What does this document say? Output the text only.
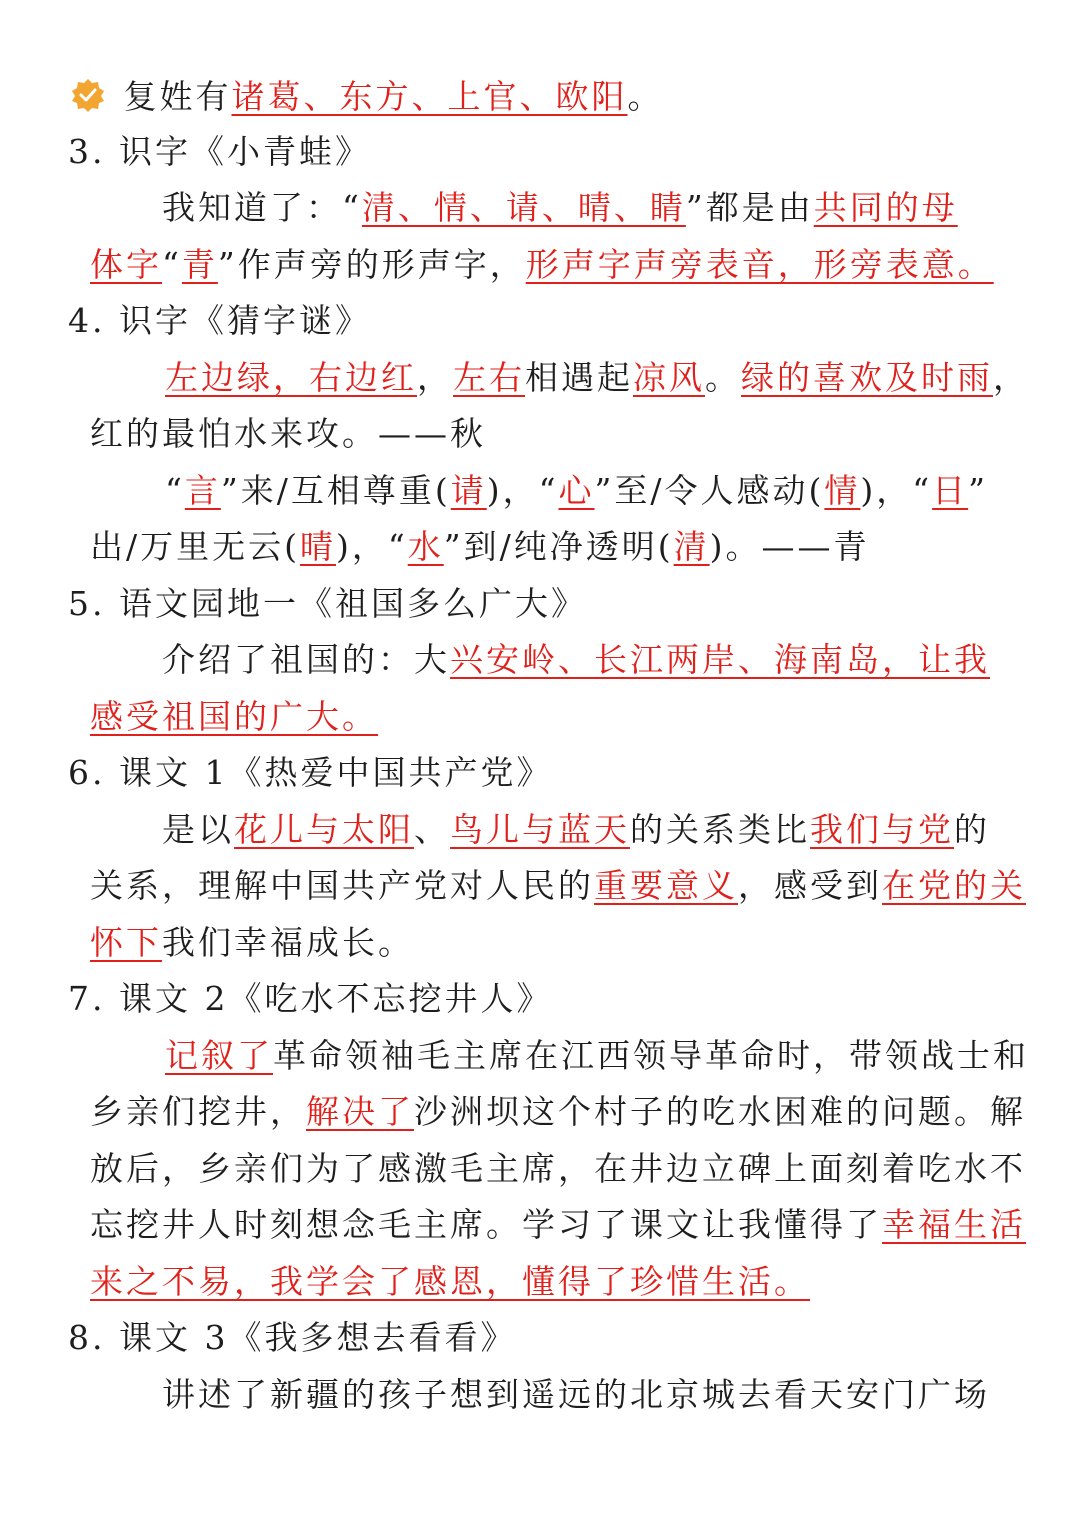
复姓有诸葛、东方、上官、欧阳。
3. 识字《小青蛙》
我知道了：“清、情、请、晴、睛”都是由共同的母
体字“青”作声旁的形声字，形声字声旁表音，形旁表意。
4. 识字《猜字谜》
左边绿，右边红，左右相遇起凉风。绿的喜欢及时雨，
红的最怕水来攻。——秋
“言”来/互相尊重(请)，“心”至/令人感动(情)，“日”
出/万里无云(晴)，“水”到/纯净透明(清)。——青
5. 语文园地一《祖国多么广大》
介绍了祖国的：大兴安岭、长江两岸、海南岛，让我
感受祖国的广大。
6. 课文 1《热爱中国共产党》
是以花儿与太阳、鸟儿与蓝天的关系类比我们与党的
关系，理解中国共产党对人民的重要意义，感受到在党的关
怀下我们幸福成长。
7. 课文 2《吃水不忘挖井人》
记叙了革命领袖毛主席在江西领导革命时，带领战士和
乡亲们挖井，解决了沙洲坝这个村子的吃水困难的问题。解
放后，乡亲们为了感激毛主席，在井边立碑上面刻着吃水不
忘挖井人时刻想念毛主席。学习了课文让我懂得了幸福生活
来之不易，我学会了感恩，懂得了珍惜生活。
8. 课文 3《我多想去看看》
讲述了新疆的孩子想到遥远的北京城去看天安门广场
